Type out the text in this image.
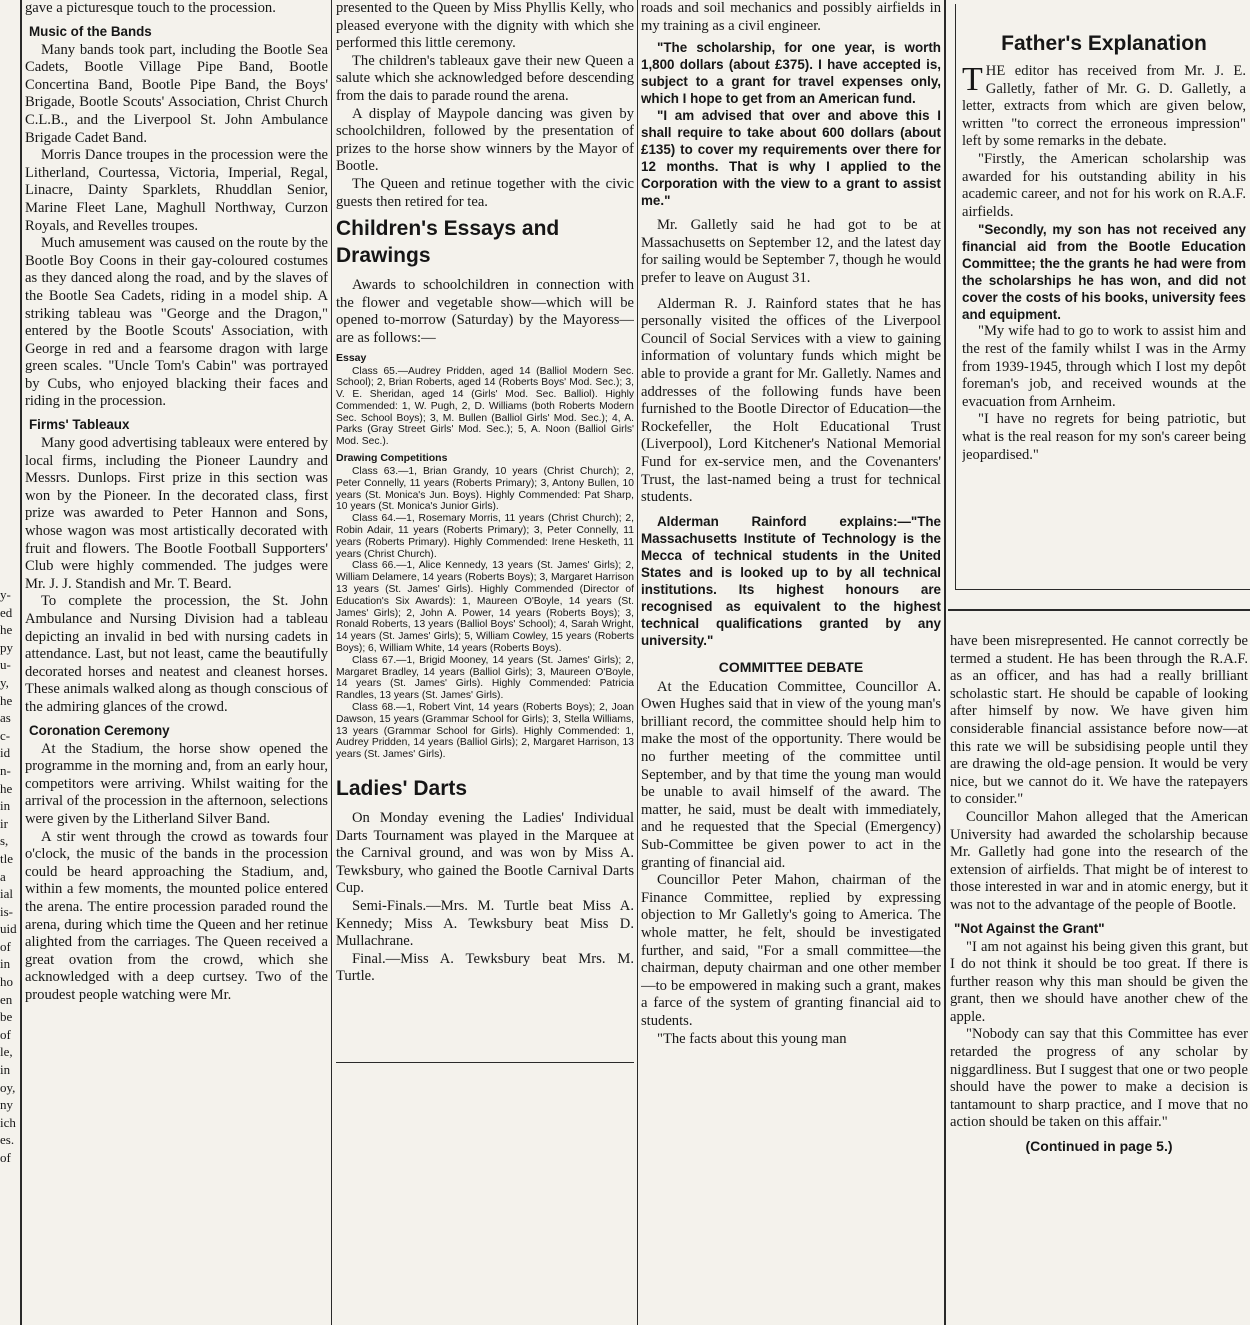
y-
ed
he
py
u-
y,
he
as
c-
id
n-
he
in
ir
s,
tle
a
ial
is-
uid
of
in
ho
en
be
of
le,
in
oy,
ny
ich
es.
of

gave a picturesque touch to the procession.

Music of the Bands

Many bands took part, including the Bootle Sea Cadets, Bootle Village Pipe Band, Bootle Concertina Band, Bootle Pipe Band, the Boys' Brigade, Bootle Scouts' Association, Christ Church C.L.B., and the Liverpool St. John Ambulance Brigade Cadet Band.

Morris Dance troupes in the procession were the Litherland, Courtessa, Victoria, Imperial, Regal, Linacre, Dainty Sparklets, Rhuddlan Senior, Marine Fleet Lane, Maghull Northway, Curzon Royals, and Revelles troupes.

Much amusement was caused on the route by the Bootle Boy Coons in their gay-coloured costumes as they danced along the road, and by the slaves of the Bootle Sea Cadets, riding in a model ship. A striking tableau was "George and the Dragon," entered by the Bootle Scouts' Association, with George in red and a fearsome dragon with large green scales. "Uncle Tom's Cabin" was portrayed by Cubs, who enjoyed blacking their faces and riding in the procession.

Firms' Tableaux

Many good advertising tableaux were entered by local firms, including the Pioneer Laundry and Messrs. Dunlops. First prize in this section was won by the Pioneer. In the decorated class, first prize was awarded to Peter Hannon and Sons, whose wagon was most artistically decorated with fruit and flowers. The Bootle Football Supporters' Club were highly commended. The judges were Mr. J. J. Standish and Mr. T. Beard.

To complete the procession, the St. John Ambulance and Nursing Division had a tableau depicting an invalid in bed with nursing cadets in attendance. Last, but not least, came the beautifully decorated horses and neatest and cleanest horses. These animals walked along as though conscious of the admiring glances of the crowd.

Coronation Ceremony

At the Stadium, the horse show opened the programme in the morning and, from an early hour, competitors were arriving. Whilst waiting for the arrival of the procession in the afternoon, selections were given by the Litherland Silver Band.

A stir went through the crowd as towards four o'clock, the music of the bands in the procession could be heard approaching the Stadium, and, within a few moments, the mounted police entered the arena. The entire procession paraded round the arena, during which time the Queen and her retinue alighted from the carriages. The Queen received a great ovation from the crowd, which she acknowledged with a deep curtsey. Two of the proudest people watching were Mr.

presented to the Queen by Miss Phyllis Kelly, who pleased everyone with the dignity with which she performed this little ceremony.

The children's tableaux gave their new Queen a salute which she acknowledged before descending from the dais to parade round the arena.

A display of Maypole dancing was given by schoolchildren, followed by the presentation of prizes to the horse show winners by the Mayor of Bootle.

The Queen and retinue together with the civic guests then retired for tea.

Children's Essays and Drawings

Awards to schoolchildren in connection with the flower and vegetable show—which will be opened to-morrow (Saturday) by the Mayoress—are as follows:—

Essay

Class 65.—Audrey Pridden, aged 14 (Balliol Modern Sec. School); 2, Brian Roberts, aged 14 (Roberts Boys' Mod. Sec.); 3, V. E. Sheridan, aged 14 (Girls' Mod. Sec. Balliol). Highly Commended: 1, W. Pugh, 2, D. Williams (both Roberts Modern Sec. School Boys); 3, M. Bullen (Balliol Girls' Mod. Sec.); 4, A. Parks (Gray Street Girls' Mod. Sec.); 5, A. Noon (Balliol Girls' Mod. Sec.).

Drawing Competitions

Class 63.—1, Brian Grandy, 10 years (Christ Church); 2, Peter Connelly, 11 years (Roberts Primary); 3, Antony Bullen, 10 years (St. Monica's Jun. Boys). Highly Commended: Pat Sharp, 10 years (St. Monica's Junior Girls).

Class 64.—1, Rosemary Morris, 11 years (Christ Church); 2, Robin Adair, 11 years (Roberts Primary); 3, Peter Connelly, 11 years (Roberts Primary). Highly Commended: Irene Hesketh, 11 years (Christ Church).

Class 66.—1, Alice Kennedy, 13 years (St. James' Girls); 2, William Delamere, 14 years (Roberts Boys); 3, Margaret Harrison 13 years (St. James' Girls). Highly Commended (Director of Education's Six Awards): 1, Maureen O'Boyle, 14 years (St. James' Girls); 2, John A. Power, 14 years (Roberts Boys); 3, Ronald Roberts, 13 years (Balliol Boys' School); 4, Sarah Wright, 14 years (St. James' Girls); 5, William Cowley, 15 years (Roberts Boys); 6, William White, 14 years (Roberts Boys).

Class 67.—1, Brigid Mooney, 14 years (St. James' Girls); 2, Margaret Bradley, 14 years (Balliol Girls); 3, Maureen O'Boyle, 14 years (St. James' Girls). Highly Commended: Patricia Randles, 13 years (St. James' Girls).

Class 68.—1, Robert Vint, 14 years (Roberts Boys); 2, Joan Dawson, 15 years (Grammar School for Girls); 3, Stella Williams, 13 years (Grammar School for Girls). Highly Commended: 1, Audrey Pridden, 14 years (Balliol Girls); 2, Margaret Harrison, 13 years (St. James' Girls).

Ladies' Darts

On Monday evening the Ladies' Individual Darts Tournament was played in the Marquee at the Carnival ground, and was won by Miss A. Tewksbury, who gained the Bootle Carnival Darts Cup.

Semi-Finals.—Mrs. M. Turtle beat Miss A. Kennedy; Miss A. Tewksbury beat Miss D. Mullachrane.

Final.—Miss A. Tewksbury beat Mrs. M. Turtle.

roads and soil mechanics and possibly airfields in my training as a civil engineer.

"The scholarship, for one year, is worth 1,800 dollars (about £375). I have accepted is, subject to a grant for travel expenses only, which I hope to get from an American fund.

"I am advised that over and above this I shall require to take about 600 dollars (about £135) to cover my requirements over there for 12 months. That is why I applied to the Corporation with the view to a grant to assist me."

Mr. Galletly said he had got to be at Massachusetts on September 12, and the latest day for sailing would be September 7, though he would prefer to leave on August 31.

Alderman R. J. Rainford states that he has personally visited the offices of the Liverpool Council of Social Services with a view to gaining information of voluntary funds which might be able to provide a grant for Mr. Galletly. Names and addresses of the following funds have been furnished to the Bootle Director of Education—the Rockefeller, the Holt Educational Trust (Liverpool), Lord Kitchener's National Memorial Fund for ex-service men, and the Covenanters' Trust, the last-named being a trust for technical students.

Alderman Rainford explains:—"The Massachusetts Institute of Technology is the Mecca of technical students in the United States and is looked up to by all technical institutions. Its highest honours are recognised as equivalent to the highest technical qualifications granted by any university."

COMMITTEE DEBATE

At the Education Committee, Councillor A. Owen Hughes said that in view of the young man's brilliant record, the committee should help him to make the most of the opportunity. There would be no further meeting of the committee until September, and by that time the young man would be unable to avail himself of the award. The matter, he said, must be dealt with immediately, and he requested that the Special (Emergency) Sub-Committee be given power to act in the granting of financial aid.

Councillor Peter Mahon, chairman of the Finance Committee, replied by expressing objection to Mr Galletly's going to America. The whole matter, he felt, should be investigated further, and said, "For a small committee—the chairman, deputy chairman and one other member—to be empowered in making such a grant, makes a farce of the system of granting financial aid to students.

"The facts about this young man

Father's Explanation

THE editor has received from Mr. J. E. Galletly, father of Mr. G. D. Galletly, a letter, extracts from which are given below, written "to correct the erroneous impression" left by some remarks in the debate.

"Firstly, the American scholarship was awarded for his outstanding ability in his academic career, and not for his work on R.A.F. airfields.

"Secondly, my son has not received any financial aid from the Bootle Education Committee; the the grants he had were from the scholarships he has won, and did not cover the costs of his books, university fees and equipment.

"My wife had to go to work to assist him and the rest of the family whilst I was in the Army from 1939-1945, through which I lost my depôt foreman's job, and received wounds at the evacuation from Arnheim.

"I have no regrets for being patriotic, but what is the real reason for my son's career being jeopardised."

have been misrepresented. He cannot correctly be termed a student. He has been through the R.A.F. as an officer, and has had a really brilliant scholastic start. He should be capable of looking after himself by now. We have given him considerable financial assistance before now—at this rate we will be subsidising people until they are drawing the old-age pension. It would be very nice, but we cannot do it. We have the ratepayers to consider."

Councillor Mahon alleged that the American University had awarded the scholarship because Mr. Galletly had gone into the research of the extension of airfields. That might be of interest to those interested in war and in atomic energy, but it was not to the advantage of the people of Bootle.

"Not Against the Grant"

"I am not against his being given this grant, but I do not think it should be too great. If there is further reason why this man should be given the grant, then we should have another chew of the apple.

"Nobody can say that this Committee has ever retarded the progress of any scholar by niggardliness. But I suggest that one or two people should have the power to make a decision is tantamount to sharp practice, and I move that no action should be taken on this affair."

(Continued in page 5.)
